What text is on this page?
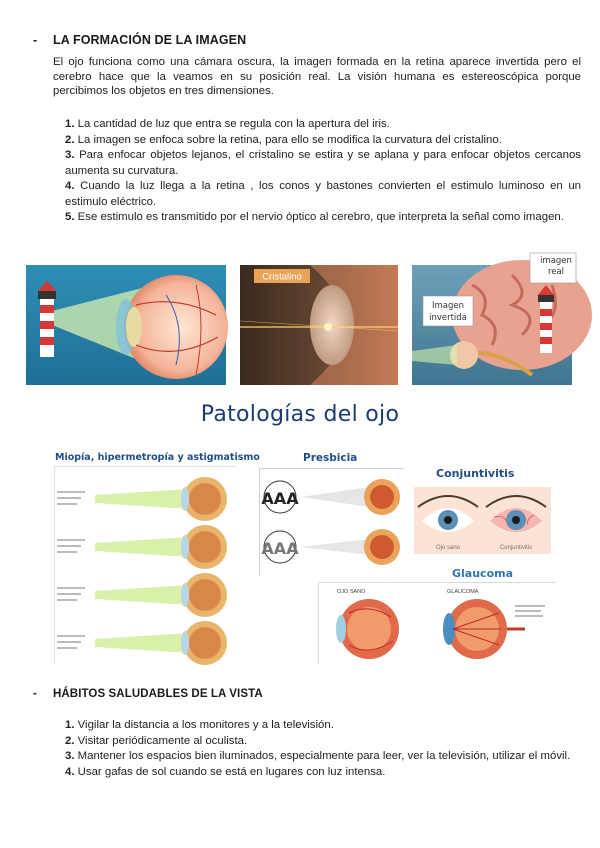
- LA FORMACIÓN DE LA IMAGEN
El ojo funciona como una cámara oscura, la imagen formada en la retina aparece invertida pero el cerebro hace que la veamos en su posición real. La visión humana es estereoscópica porque percibimos los objetos en tres dimensiones.
1. La cantidad de luz que entra se regula con la apertura del iris.
2. La imagen se enfoca sobre la retina, para ello se modifica la curvatura del cristalino.
3. Para enfocar objetos lejanos, el cristalino se estira y se aplana y para enfocar objetos cercanos aumenta su curvatura.
4. Cuando la luz llega a la retina , los conos y bastones convierten el estimulo luminoso en un estimulo eléctrico.
5. Ese estimulo es transmitido por el nervio óptico al cerebro, que interpreta la señal como imagen.
Cristalino
imagen
real
Imagen
invertida
Patologías del ojo
Miopía, hipermetropía y astigmatismo	Presbicia
AAA
AAA
Conjuntivitis
Ojo sano	Conjuntivitis
Glaucoma
OJO SANO	GLAUCOMA
- HÁBITOS SALUDABLES DE LA VISTA
1. Vigilar la distancia a los monitores y a la televisión.
2. Visitar periódicamente al oculista.
3. Mantener los espacios bien iluminados, especialmente para leer, ver la televisión, utilizar el móvil.
4. Usar gafas de sol cuando se está en lugares con luz intensa.
